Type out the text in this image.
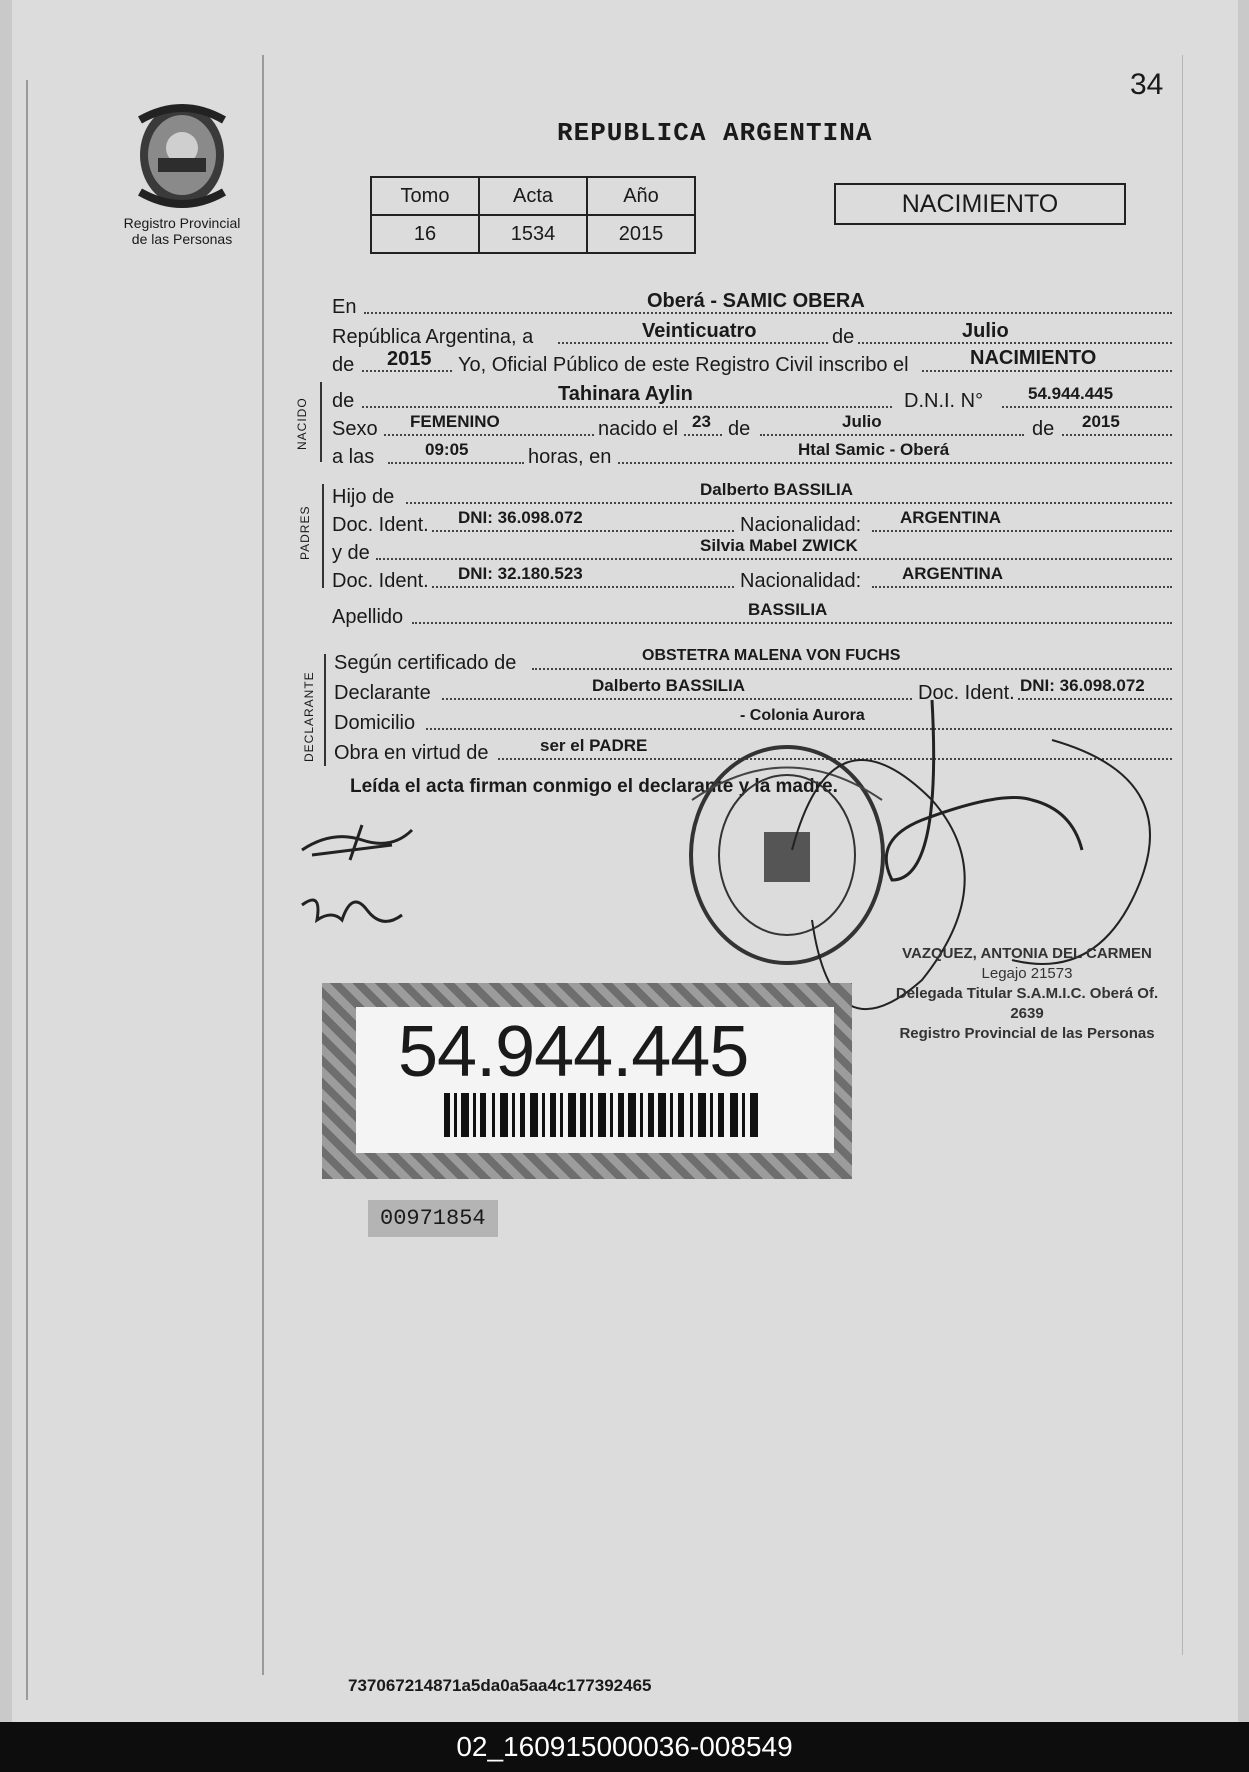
Registro Provincial
de las Personas
34
REPUBLICA ARGENTINA
Tomo	Acta	Año
16	1534	2015
NACIMIENTO
En	Oberá - SAMIC OBERA
República Argentina, a	Veinticuatro	de	Julio
de 2015 Yo, Oficial Público de este Registro Civil inscribo el	NACIMIENTO
NACIDO de	Tahinara Aylin	D.N.I. N°	54.944.445
Sexo FEMENINO	nacido el 23 de	Julio	de 2015
a las	09:05	horas, en	Htal Samic - Oberá
PADRES
Hijo de	Dalberto BASSILIA
Doc. Ident. DNI: 36.098.072	Nacionalidad: ARGENTINA
y de	Silvia Mabel ZWICK
Doc. Ident. DNI: 32.180.523	Nacionalidad: ARGENTINA
Apellido	BASSILIA
DECLARANTE
Según certificado de	OBSTETRA MALENA VON FUCHS
Declarante	Dalberto BASSILIA	Doc. Ident. DNI: 36.098.072
Domicilio	- Colonia Aurora
Obra en virtud de	ser el PADRE
Leída el acta firman conmigo el declarante y la madre.
VAZQUEZ, ANTONIA DEL CARMEN
Legajo 21573
Delegada Titular S.A.M.I.C. Oberá Of. 2639
Registro Provincial de las Personas
54.944.445
00971854
737067214871a5da0a5aa4c177392465
02_160915000036-008549
